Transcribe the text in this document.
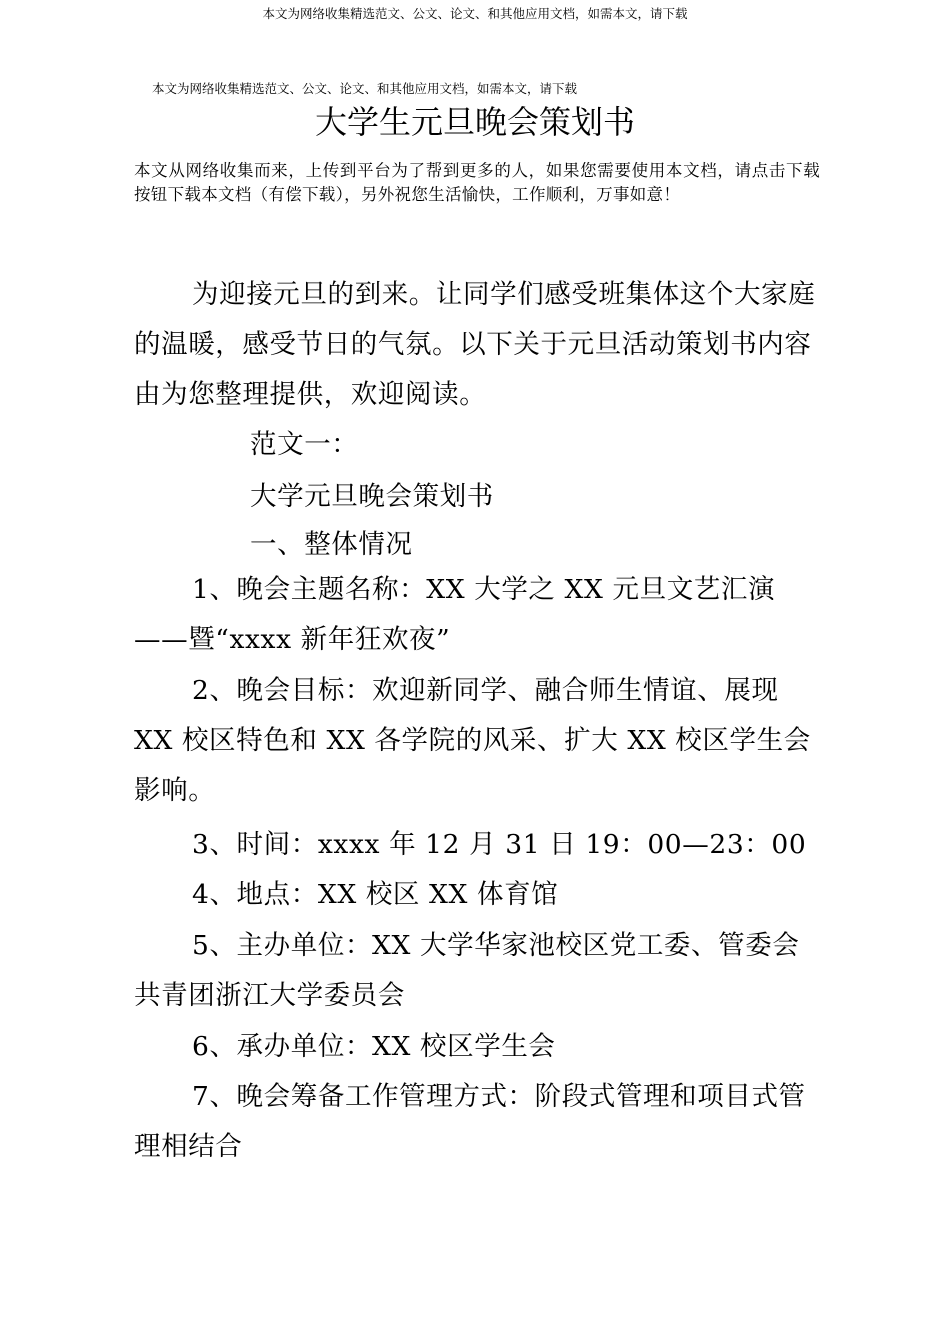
本文为网络收集精选范文、公文、论文、和其他应用文档，如需本文，请下载
本文为网络收集精选范文、公文、论文、和其他应用文档，如需本文，请下载
大学生元旦晚会策划书
本文从网络收集而来，上传到平台为了帮到更多的人，如果您需要使用本文档，请点击下载按钮下载本文档（有偿下载），另外祝您生活愉快，工作顺利，万事如意！
为迎接元旦的到来。让同学们感受班集体这个大家庭的温暖，感受节日的气氛。以下关于元旦活动策划书内容由为您整理提供，欢迎阅读。
范文一：
大学元旦晚会策划书
一、整体情况
1、晚会主题名称：XX 大学之 XX 元旦文艺汇演
——暨“xxxx 新年狂欢夜”
2、晚会目标：欢迎新同学、融合师生情谊、展现 XX 校区特色和 XX 各学院的风采、扩大 XX 校区学生会影响。
3、时间：xxxx 年 12 月 31 日 19：00—23：00
4、地点：XX 校区 XX 体育馆
5、主办单位：XX 大学华家池校区党工委、管委会共青团浙江大学委员会
6、承办单位：XX 校区学生会
7、晚会筹备工作管理方式：阶段式管理和项目式管理相结合
